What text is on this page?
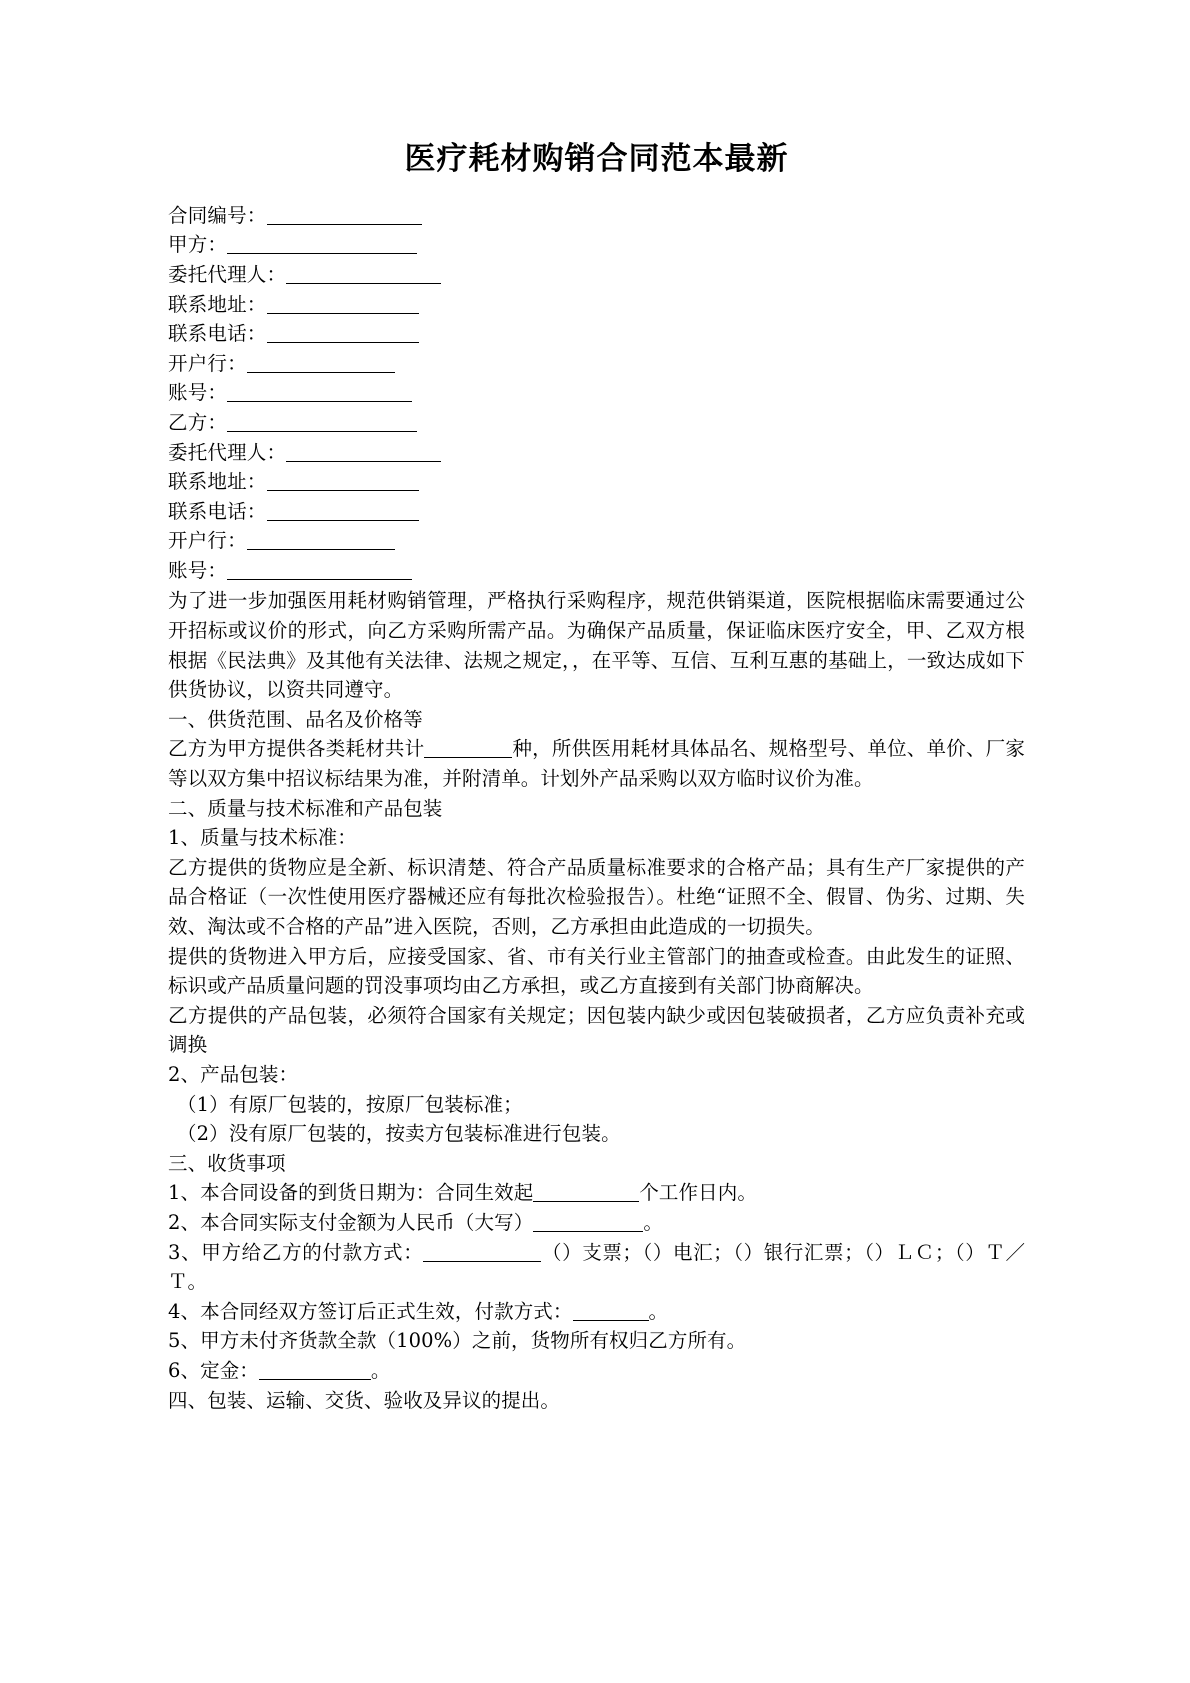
医疗耗材购销合同范本最新
合同编号：
甲方：
委托代理人：
联系地址：
联系电话：
开户行：
账号：
乙方：
委托代理人：
联系地址：
联系电话：
开户行：
账号：

为了进一步加强医用耗材购销管理，严格执行采购程序，规范供销渠道，医院根据临床需要通过公开招标或议价的形式，向乙方采购所需产品。为确保产品质量，保证临床医疗安全，甲、乙双方根根据《民法典》及其他有关法律、法规之规定，，在平等、互信、互利互惠的基础上，一致达成如下供货协议，以资共同遵守。

一、供货范围、品名及价格等

乙方为甲方提供各类耗材共计	种，所供医用耗材具体品名、规格型号、单位、单价、厂家等以双方集中招议标结果为准，并附清单。计划外产品采购以双方临时议价为准。

二、质量与技术标准和产品包装

1、质量与技术标准：

乙方提供的货物应是全新、标识清楚、符合产品质量标准要求的合格产品；具有生产厂家提供的产品合格证（一次性使用医疗器械还应有每批次检验报告）。杜绝“证照不全、假冒、伪劣、过期、失效、淘汰或不合格的产品”进入医院，否则，乙方承担由此造成的一切损失。

提供的货物进入甲方后，应接受国家、省、市有关行业主管部门的抽查或检查。由此发生的证照、标识或产品质量问题的罚没事项均由乙方承担，或乙方直接到有关部门协商解决。

乙方提供的产品包装，必须符合国家有关规定；因包装内缺少或因包装破损者，乙方应负责补充或调换

2、产品包装：

（1）有原厂包装的，按原厂包装标准；

（2）没有原厂包装的，按卖方包装标准进行包装。

三、收货事项

1、本合同设备的到货日期为：合同生效起	个工作日内。

2、本合同实际支付金额为人民币（大写）	。

3、甲方给乙方的付款方式：	（）支票；（）电汇；（）银行汇票；（）ＬＣ；（）Ｔ／Ｔ。

4、本合同经双方签订后正式生效，付款方式：	。

5、甲方未付齐货款全款（100%）之前，货物所有权归乙方所有。

6、定金：	。

四、包装、运输、交货、验收及异议的提出。
